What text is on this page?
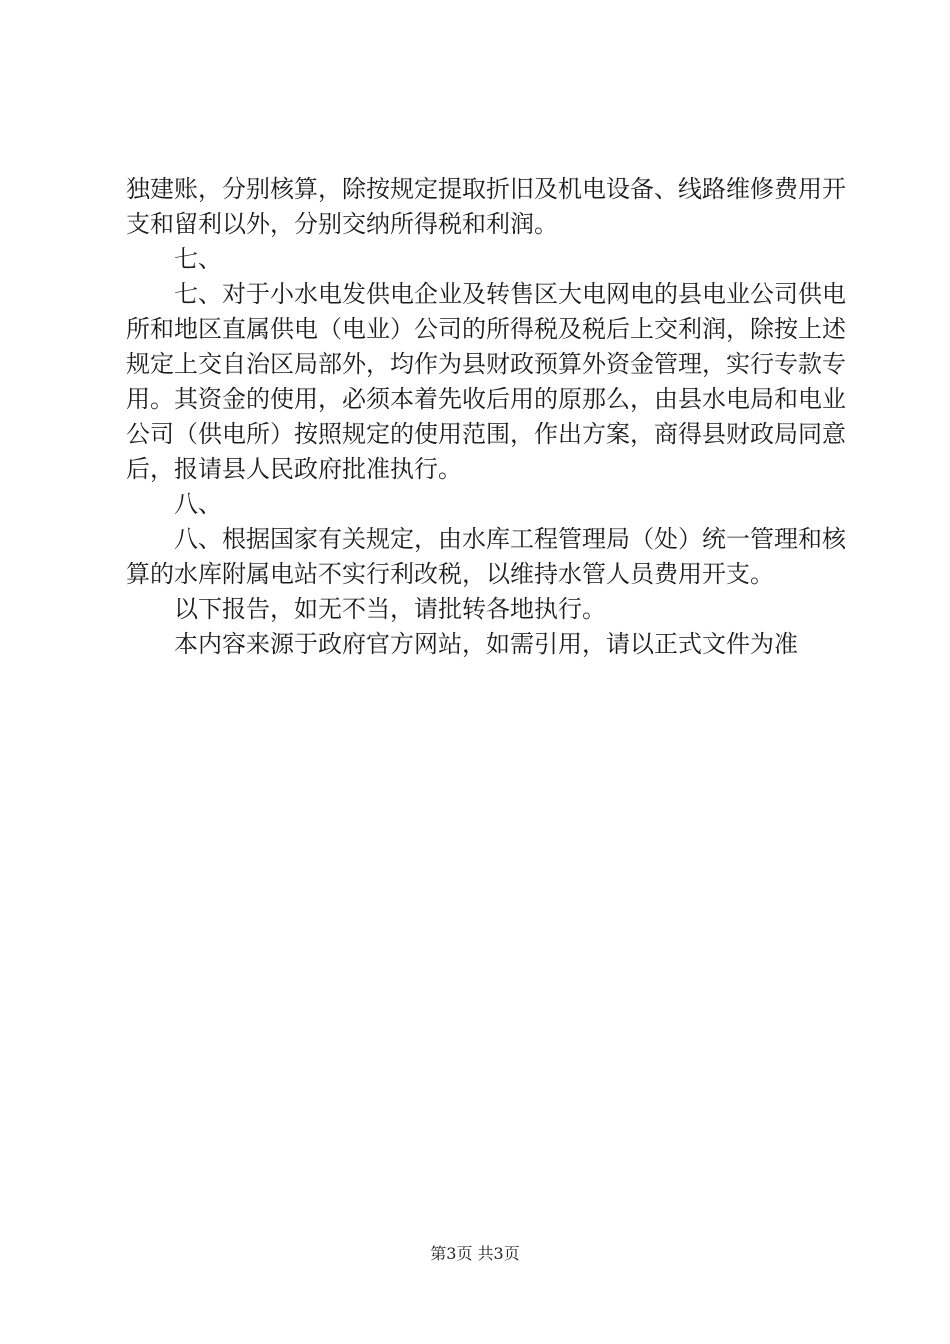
独建账，分别核算，除按规定提取折旧及机电设备、线路维修费用开支和留利以外，分别交纳所得税和利润。

七、

七、对于小水电发供电企业及转售区大电网电的县电业公司供电所和地区直属供电（电业）公司的所得税及税后上交利润，除按上述规定上交自治区局部外，均作为县财政预算外资金管理，实行专款专用。其资金的使用，必须本着先收后用的原那么，由县水电局和电业公司（供电所）按照规定的使用范围，作出方案，商得县财政局同意后，报请县人民政府批准执行。

八、

八、根据国家有关规定，由水库工程管理局（处）统一管理和核算的水库附属电站不实行利改税，以维持水管人员费用开支。

以下报告，如无不当，请批转各地执行。

本内容来源于政府官方网站，如需引用，请以正式文件为准

第3页 共3页
